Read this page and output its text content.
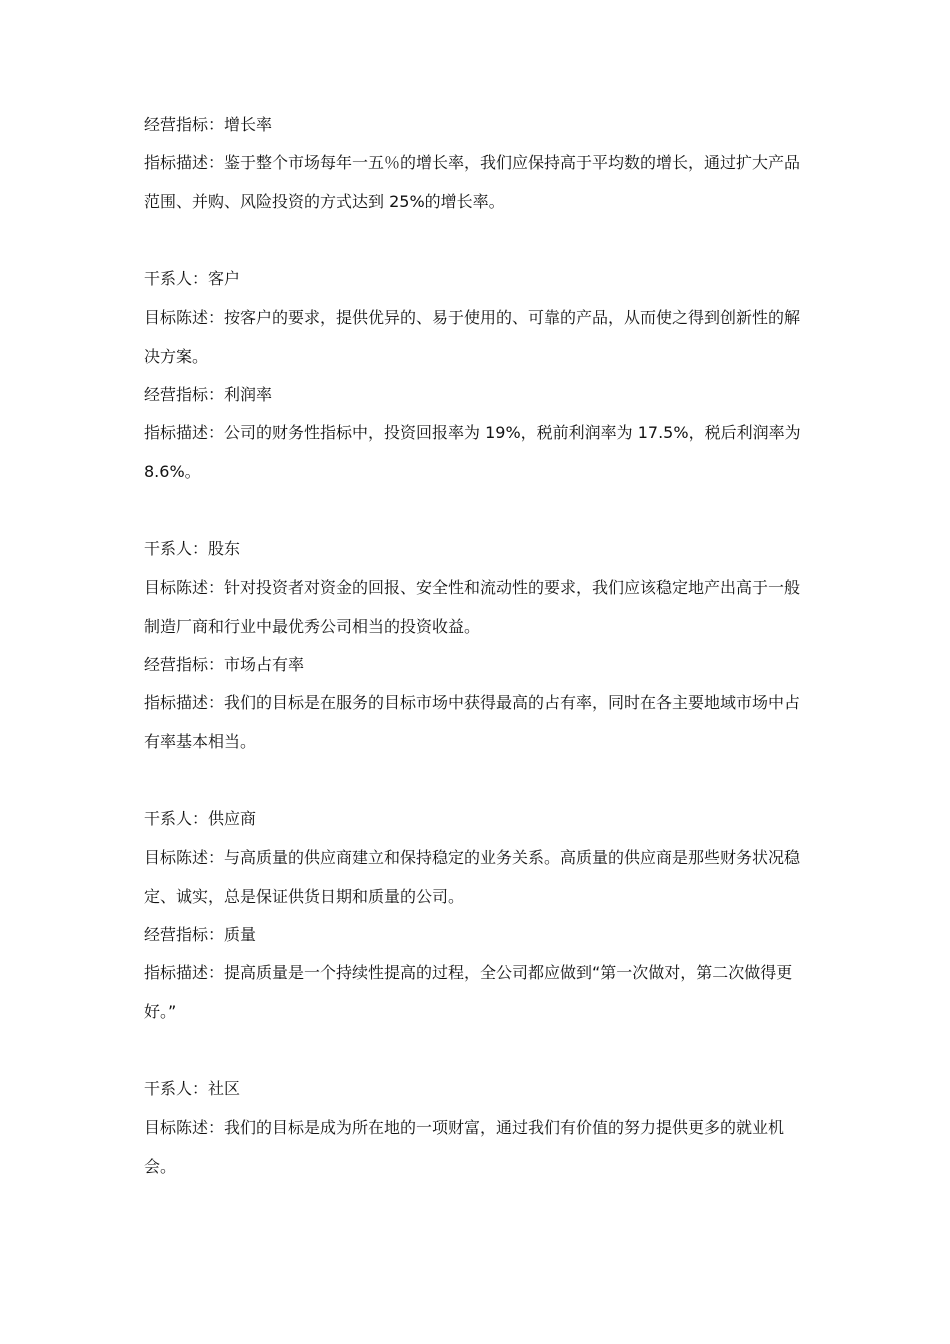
经营指标：增长率

指标描述：鉴于整个市场每年一五％的增长率，我们应保持高于平均数的增长，通过扩大产品范围、并购、风险投资的方式达到 25%的增长率。

干系人：客户

目标陈述：按客户的要求，提供优异的、易于使用的、可靠的产品，从而使之得到创新性的解决方案。

经营指标：利润率

指标描述：公司的财务性指标中，投资回报率为 19%，税前利润率为 17.5%，税后利润率为 8.6%。

干系人：股东

目标陈述：针对投资者对资金的回报、安全性和流动性的要求，我们应该稳定地产出高于一般制造厂商和行业中最优秀公司相当的投资收益。

经营指标：市场占有率

指标描述：我们的目标是在服务的目标市场中获得最高的占有率，同时在各主要地域市场中占有率基本相当。

干系人：供应商

目标陈述：与高质量的供应商建立和保持稳定的业务关系。高质量的供应商是那些财务状况稳定、诚实，总是保证供货日期和质量的公司。

经营指标：质量

指标描述：提高质量是一个持续性提高的过程，全公司都应做到“第一次做对，第二次做得更好。”

干系人：社区

目标陈述：我们的目标是成为所在地的一项财富，通过我们有价值的努力提供更多的就业机会。
